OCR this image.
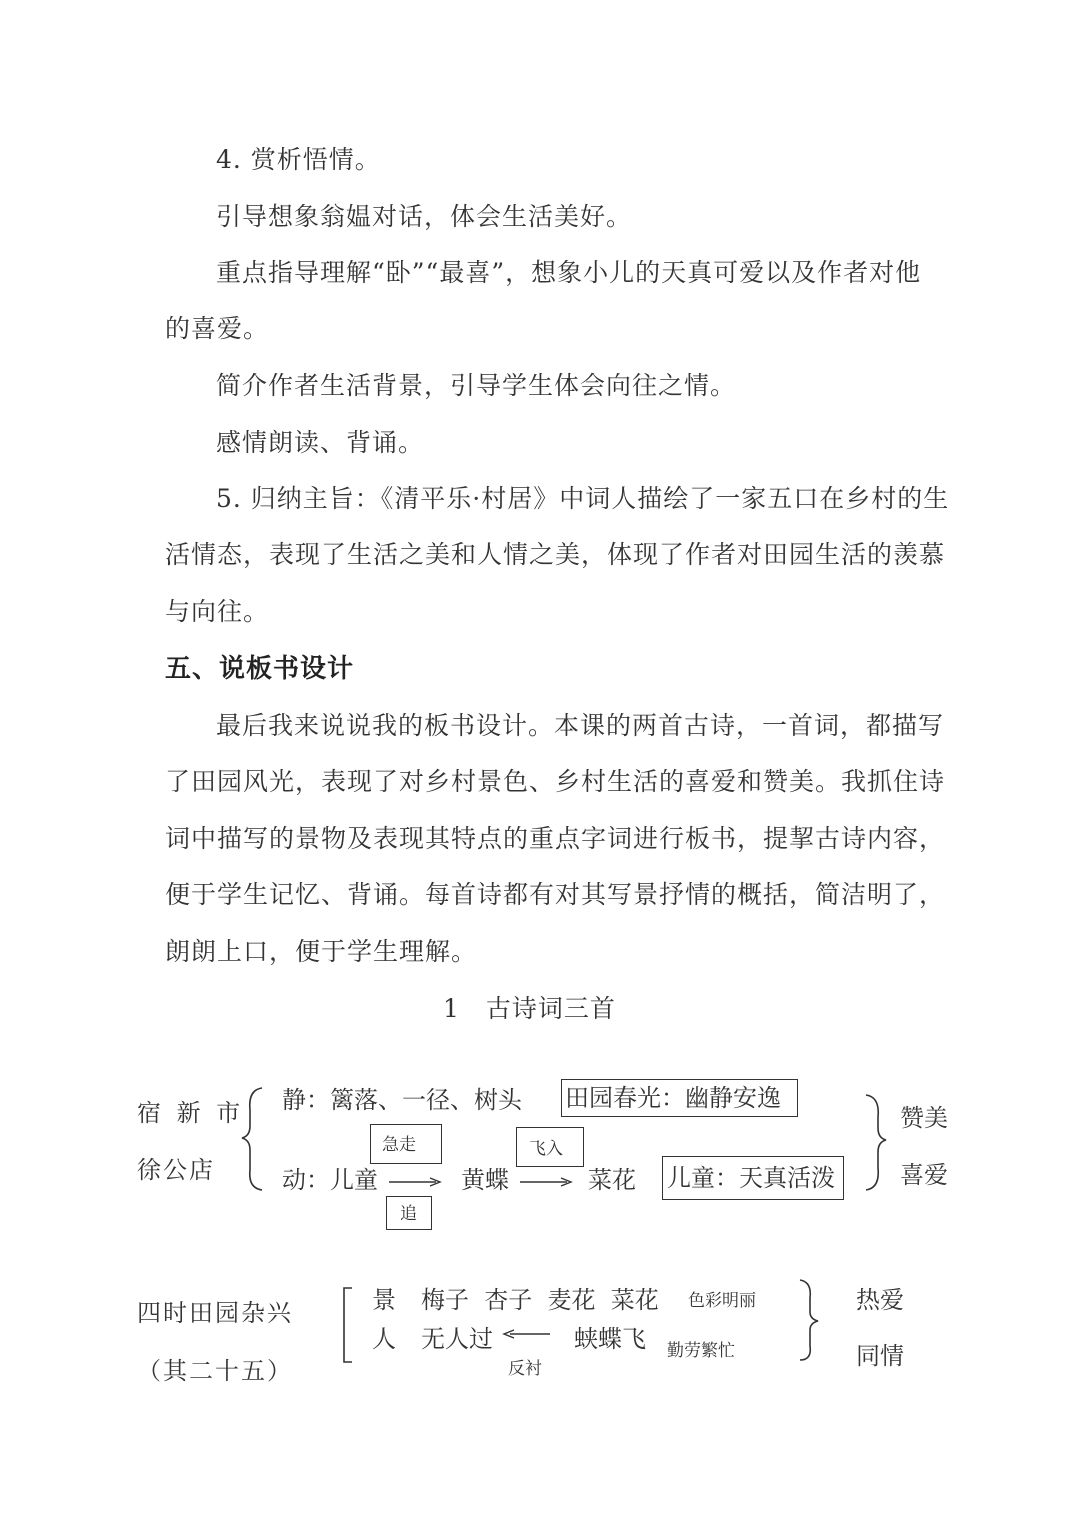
4. 赏析悟情。
引导想象翁媪对话，体会生活美好。
重点指导理解“卧”“最喜”，想象小儿的天真可爱以及作者对他
的喜爱。
简介作者生活背景，引导学生体会向往之情。
感情朗读、背诵。
5. 归纳主旨：《清平乐·村居》中词人描绘了一家五口在乡村的生
活情态，表现了生活之美和人情之美，体现了作者对田园生活的羡慕
与向往。
五、说板书设计
最后我来说说我的板书设计。本课的两首古诗，一首词，都描写
了田园风光，表现了对乡村景色、乡村生活的喜爱和赞美。我抓住诗
词中描写的景物及表现其特点的重点字词进行板书，提挈古诗内容，
便于学生记忆、背诵。每首诗都有对其写景抒情的概括，简洁明了，
朗朗上口，便于学生理解。
1　古诗词三首
宿 新 市
徐公店
静：篱落、一径、树头 田园春光：幽静安逸
急走	飞入
动：儿童	黄蝶	菜花 儿童：天真活泼
追
赞美
喜爱
四时田园杂兴
（其二十五）
景 梅子  杏子  麦花  菜花 色彩明丽
人 无人过	蛱蝶飞 勤劳繁忙
反衬
热爱
同情
